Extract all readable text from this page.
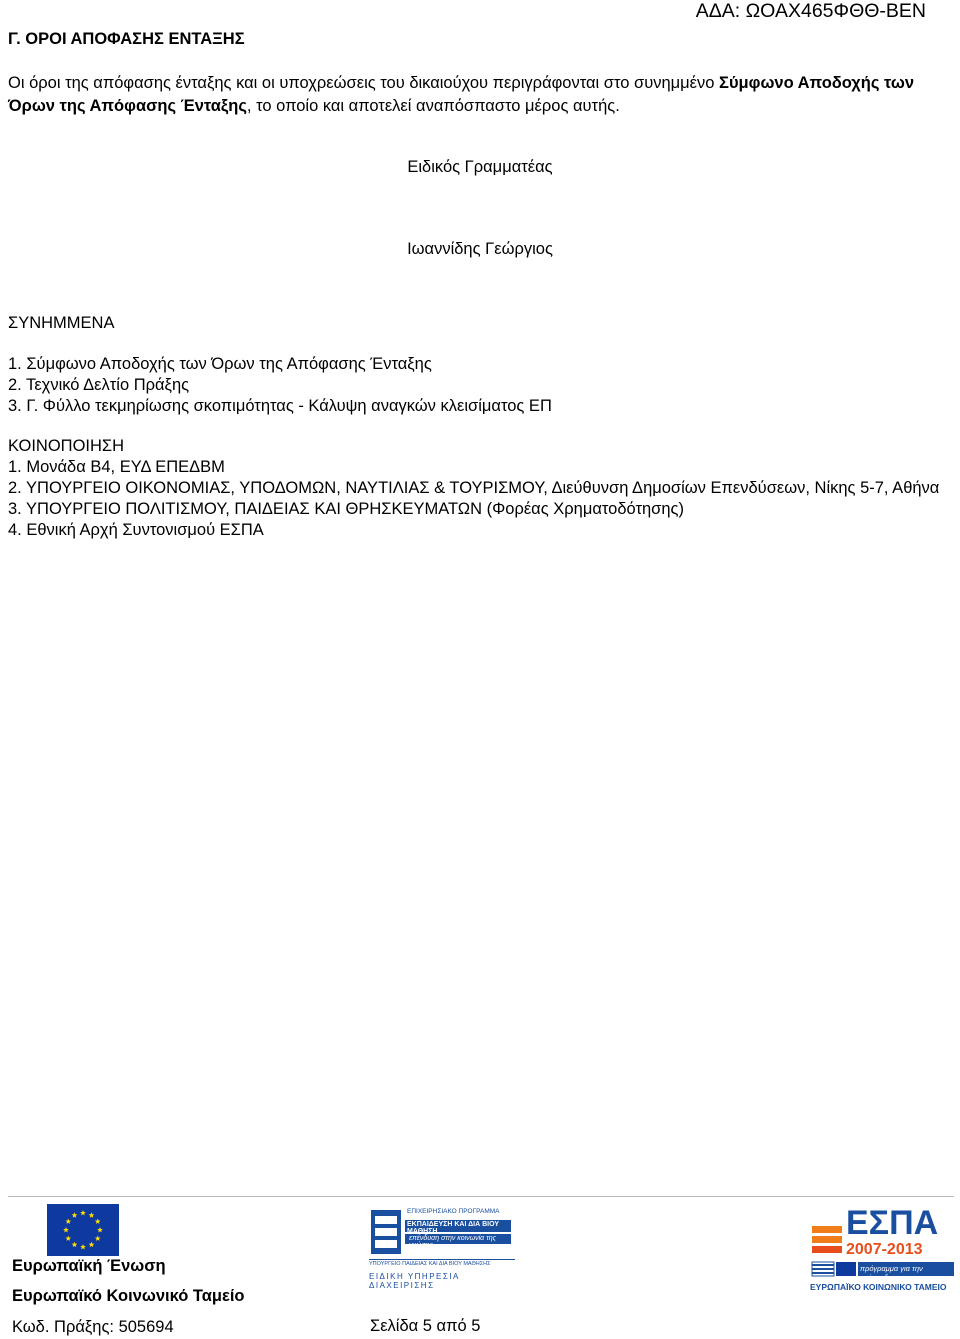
Γ. ΟΡΟΙ ΑΠΟΦΑΣΗΣ ΕΝΤΑΞΗΣ
ΑΔΑ: ΩΟΑΧ465ΦΘΘ-ΒΕΝ
Οι όροι της απόφασης ένταξης και οι υποχρεώσεις του δικαιούχου περιγράφονται στο συνημμένο Σύμφωνο Αποδοχής των Όρων της Απόφασης Ένταξης, το οποίο και αποτελεί αναπόσπαστο μέρος αυτής.
Ειδικός Γραμματέας
Ιωαννίδης Γεώργιος
ΣΥΝΗΜΜΕΝΑ
1. Σύμφωνο Αποδοχής των Όρων της Απόφασης Ένταξης
2. Τεχνικό Δελτίο Πράξης
3. Γ. Φύλλο τεκμηρίωσης σκοπιμότητας - Κάλυψη αναγκών κλεισίματος ΕΠ
ΚΟΙΝΟΠΟΙΗΣΗ
1. Μονάδα Β4, ΕΥΔ ΕΠΕΔΒΜ
2. ΥΠΟΥΡΓΕΙΟ ΟΙΚΟΝΟΜΙΑΣ, ΥΠΟΔΟΜΩΝ, ΝΑΥΤΙΛΙΑΣ & ΤΟΥΡΙΣΜΟΥ, Διεύθυνση Δημοσίων Επενδύσεων, Νίκης 5-7, Αθήνα
3. ΥΠΟΥΡΓΕΙΟ ΠΟΛΙΤΙΣΜΟΥ, ΠΑΙΔΕΙΑΣ ΚΑΙ ΘΡΗΣΚΕΥΜΑΤΩΝ (Φορέας Χρηματοδότησης)
4. Εθνική Αρχή Συντονισμού ΕΣΠΑ
Ευρωπαϊκή Ένωση
Ευρωπαϊκό Κοινωνικό Ταμείο
ΕΠΙΧΕΙΡΗΣΙΑΚΟ ΠΡΟΓΡΑΜΜΑ
ΕΚΠΑΙΔΕΥΣΗ ΚΑΙ ΔΙΑ ΒΙΟΥ ΜΑΘΗΣΗ
επένδυση στην κοινωνία της γνώσης
ΥΠΟΥΡΓΕΙΟ ΠΑΙΔΕΙΑΣ ΚΑΙ ΔΙΑ ΒΙΟΥ ΜΑΘΗΣΗΣ
ΕΙΔΙΚΗ ΥΠΗΡΕΣΙΑ ΔΙΑΧΕΙΡΙΣΗΣ
ΕΣΠΑ
2007-2013
πρόγραμμα για την ανάπτυξη
ΕΥΡΩΠΑΪΚΟ ΚΟΙΝΩΝΙΚΟ ΤΑΜΕΙΟ
Κωδ. Πράξης: 505694	Σελίδα 5 από 5
